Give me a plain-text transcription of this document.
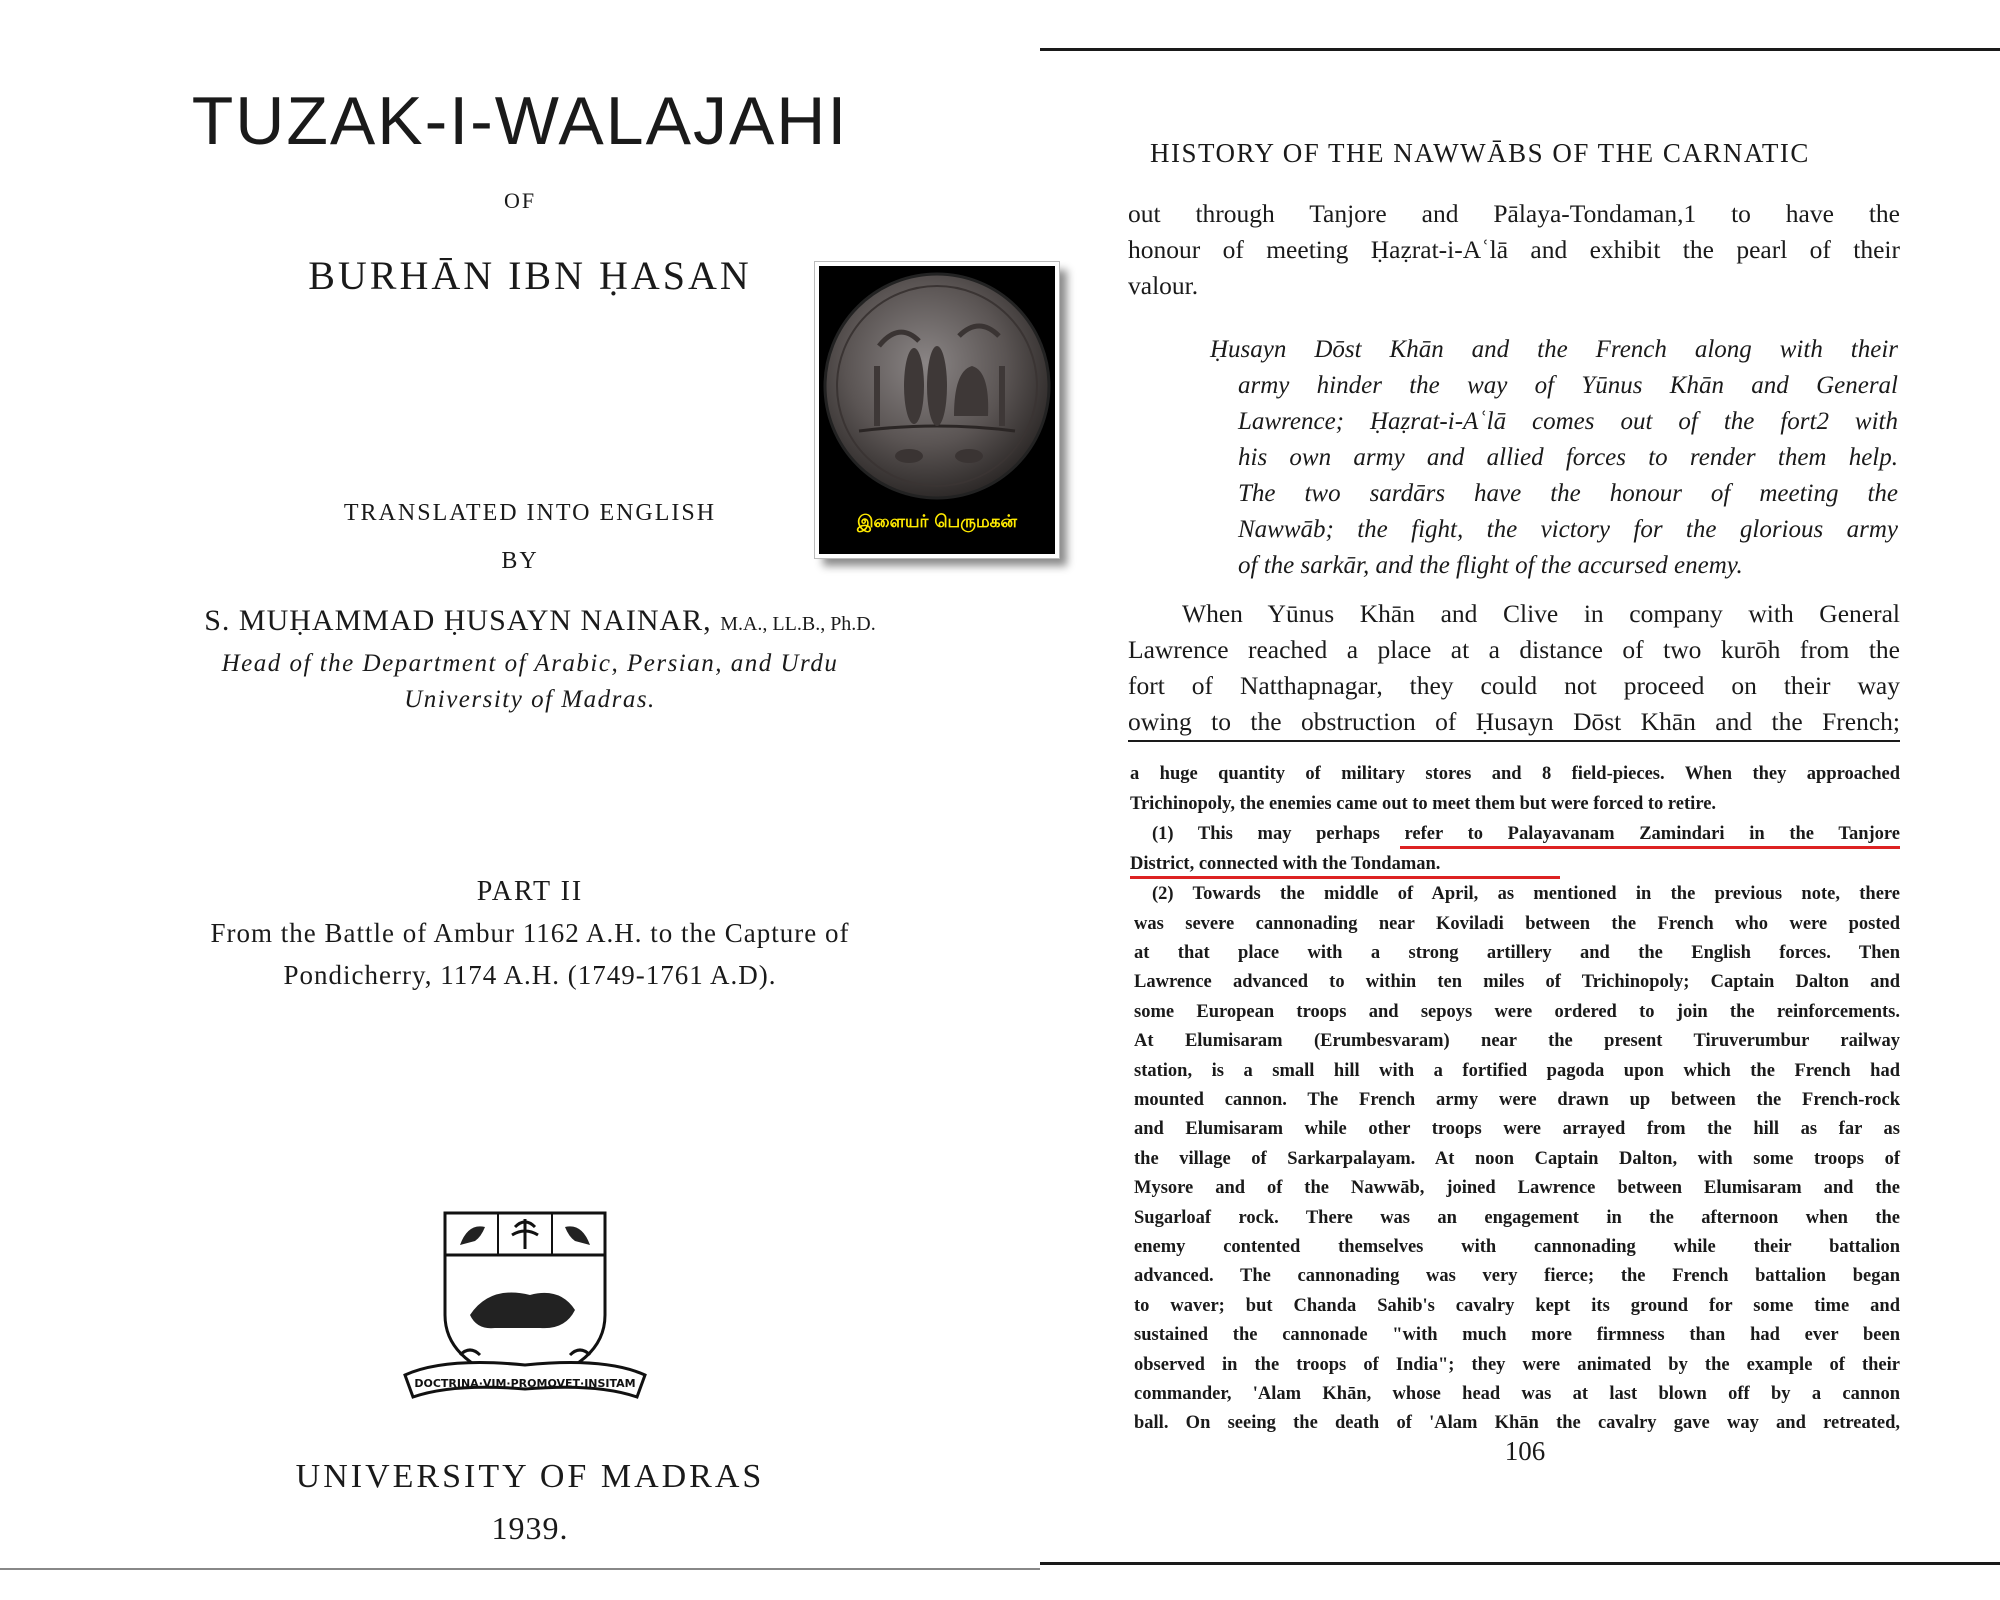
TUZAK-I-WALAJAHI
OF
BURHĀN IBN ḤASAN
TRANSLATED INTO ENGLISH
BY
S. MUḤAMMAD ḤUSAYN NAINAR, M.A., LL.B., Ph.D.
Head of the Department of Arabic, Persian, and Urdu
University of Madras.
PART II
From the Battle of Ambur 1162 A.H. to the Capture of
Pondicherry, 1174 A.H. (1749-1761 A.D).
DOCTRINA·VIM·PROMOVET·INSITAM
UNIVERSITY OF MADRAS
1939.
இளையர் பெருமகன்
HISTORY OF THE NAWWĀBS OF THE CARNATIC
out through Tanjore and Pālaya-Tondaman,1 to have the
honour of meeting Ḥaẓrat-i-Aʿlā and exhibit the pearl of their
valour.
Ḥusayn Dōst Khān and the French along with their
army hinder the way of Yūnus Khān and General
Lawrence; Ḥaẓrat-i-Aʿlā comes out of the fort2 with
his own army and allied forces to render them help.
The two sardārs have the honour of meeting the
Nawwāb; the fight, the victory for the glorious army
of the sarkār, and the flight of the accursed enemy.
When Yūnus Khān and Clive in company with General
Lawrence reached a place at a distance of two kurōh from the
fort of Natthарnagar, they could not proceed on their way
owing to the obstruction of Ḥusayn Dōst Khān and the French;
a huge quantity of military stores and 8 field-pieces. When they approached
Trichinopoly, the enemies came out to meet them but were forced to retire.
(1) This may perhaps refer to Palayavanam Zamindari in the Tanjore
District, connected with the Tondaman.
(2) Towards the middle of April, as mentioned in the previous note, there
was severe cannonading near Koviladi between the French who were posted
at that place with a strong artillery and the English forces. Then
Lawrence advanced to within ten miles of Trichinopoly; Captain Dalton and
some European troops and sepoys were ordered to join the reinforcements.
At Elumisaram (Erumbesvaram) near the present Tiruverumbur railway
station, is a small hill with a fortified pagoda upon which the French had
mounted cannon. The French army were drawn up between the French-rock
and Elumisaram while other troops were arrayed from the hill as far as
the village of Sarkarpalayam. At noon Captain Dalton, with some troops of
Mysore and of the Nawwāb, joined Lawrence between Elumisaram and the
Sugarloaf rock. There was an engagement in the afternoon when the
enemy contented themselves with cannonading while their battalion
advanced. The cannonading was very fierce; the French battalion began
to waver; but Chanda Sahib's cavalry kept its ground for some time and
sustained the cannonade "with much more firmness than had ever been
observed in the troops of India"; they were animated by the example of their
commander, 'Alam Khān, whose head was at last blown off by a cannon
ball. On seeing the death of 'Alam Khān the cavalry gave way and retreated,
106
